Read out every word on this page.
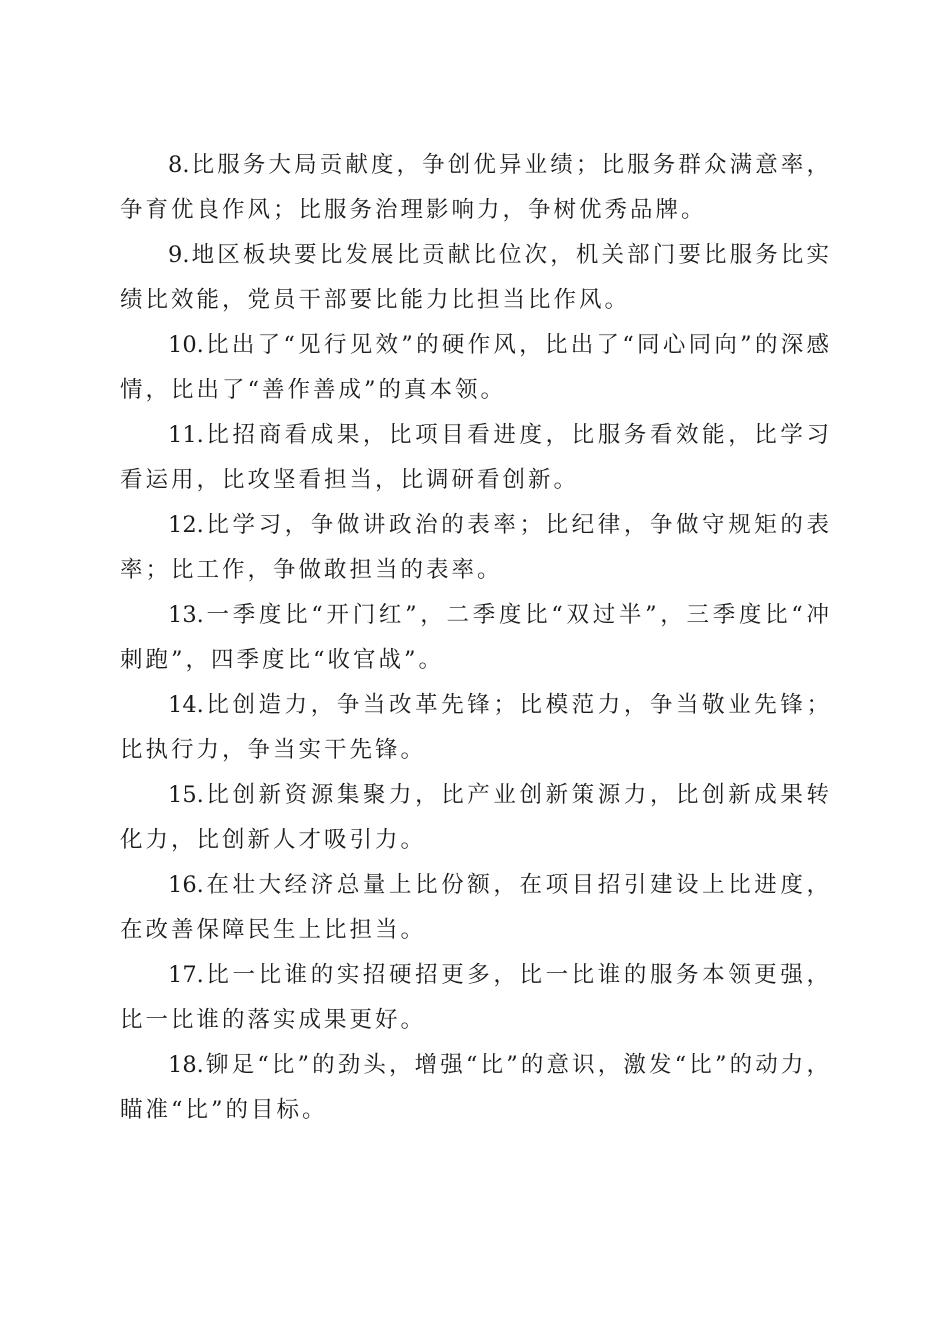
8.比服务大局贡献度，争创优异业绩；比服务群众满意率，争育优良作风；比服务治理影响力，争树优秀品牌。

9.地区板块要比发展比贡献比位次，机关部门要比服务比实绩比效能，党员干部要比能力比担当比作风。

10.比出了“见行见效”的硬作风，比出了“同心同向”的深感情，比出了“善作善成”的真本领。

11.比招商看成果，比项目看进度，比服务看效能，比学习看运用，比攻坚看担当，比调研看创新。

12.比学习，争做讲政治的表率；比纪律，争做守规矩的表率；比工作，争做敢担当的表率。

13.一季度比“开门红”，二季度比“双过半”，三季度比“冲刺跑”，四季度比“收官战”。

14.比创造力，争当改革先锋；比模范力，争当敬业先锋；比执行力，争当实干先锋。

15.比创新资源集聚力，比产业创新策源力，比创新成果转化力，比创新人才吸引力。

16.在壮大经济总量上比份额，在项目招引建设上比进度，在改善保障民生上比担当。

17.比一比谁的实招硬招更多，比一比谁的服务本领更强，比一比谁的落实成果更好。

18.铆足“比”的劲头，增强“比”的意识，激发“比”的动力，瞄准“比”的目标。
